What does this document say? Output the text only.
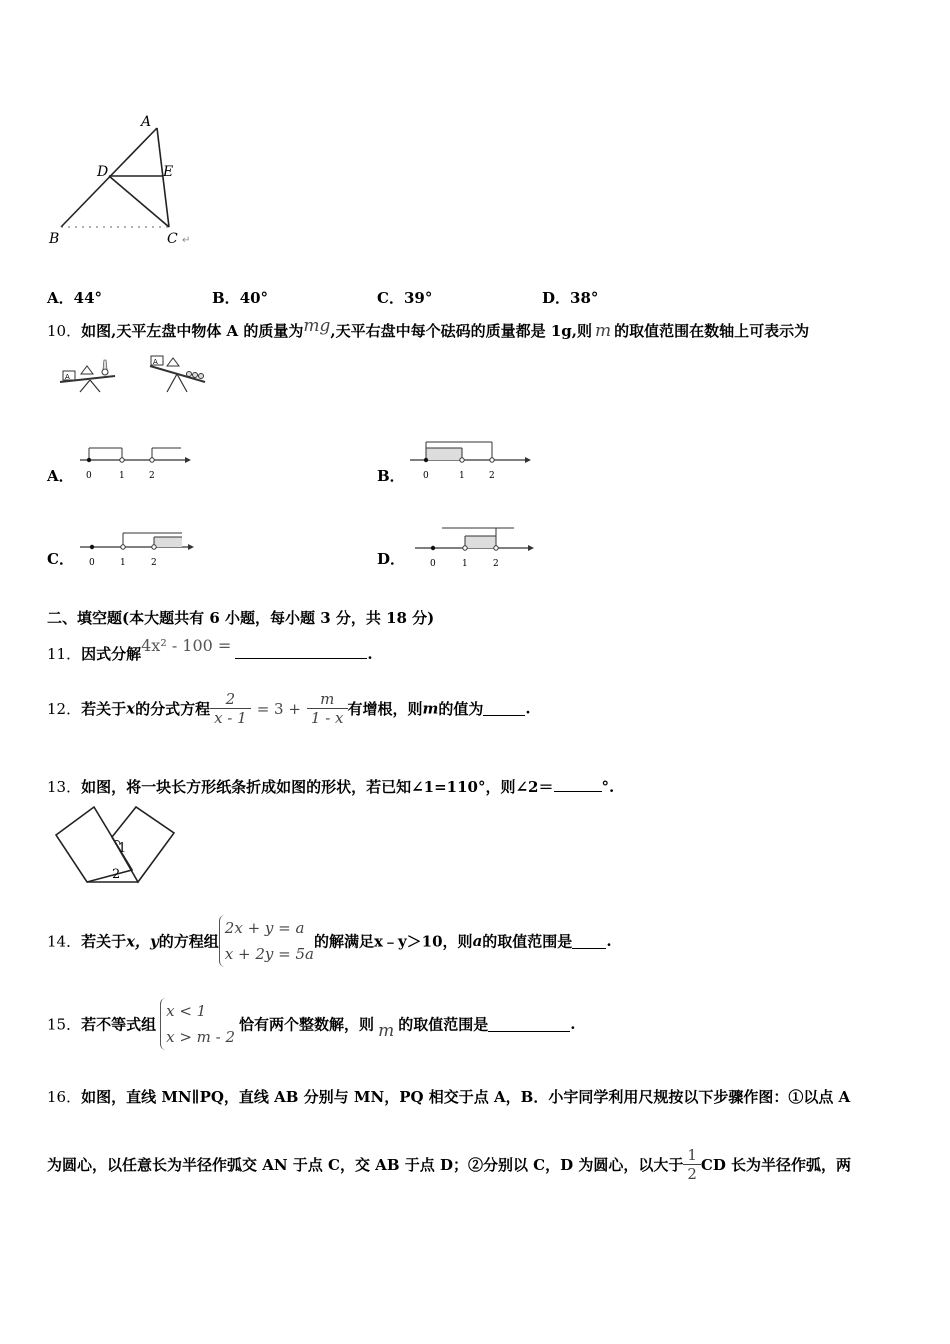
A
D	E
B	C ↵
A．44°	B．40°	C．39°	D．38°
10．如图,天平左盘中物体 A 的质量为mg,天平右盘中每个砝码的质量都是 1g,则 m 的取值范围在数轴上可表示为
A
A
A． 0	1	2	B． 0	1	2
C． 0	1	2	D．	0	1	2
二、填空题(本大题共有 6 小题，每小题 3 分，共 18 分)
11．因式分解4x² - 100 =	.
12．若关于x的分式方程 $\frac{2}{x - 1} = 3 + \frac{m}{1 - x}$ 有增根，则m的值为	.
13．如图，将一块长方形纸条折成如图的形状，若已知∠1=110°，则∠2＝	°.
1
2
14．若关于x，y的方程组
2x + y = a
x + 2y = 5a
的解满足x﹣y＞10，则a的取值范围是 .
15．若不等式组
x < 1
x > m - 2
恰有两个整数解，则 m 的取值范围是	.
16．如图，直线 MN∥PQ，直线 AB 分别与 MN，PQ 相交于点 A，B．小宇同学利用尺规按以下步骤作图：①以点 A
为圆心，以任意长为半径作弧交 AN 于点 C，交 AB 于点 D；②分别以 C，D 为圆心，以大于 $\frac{1}{2}$ CD 长为半径作弧，两
